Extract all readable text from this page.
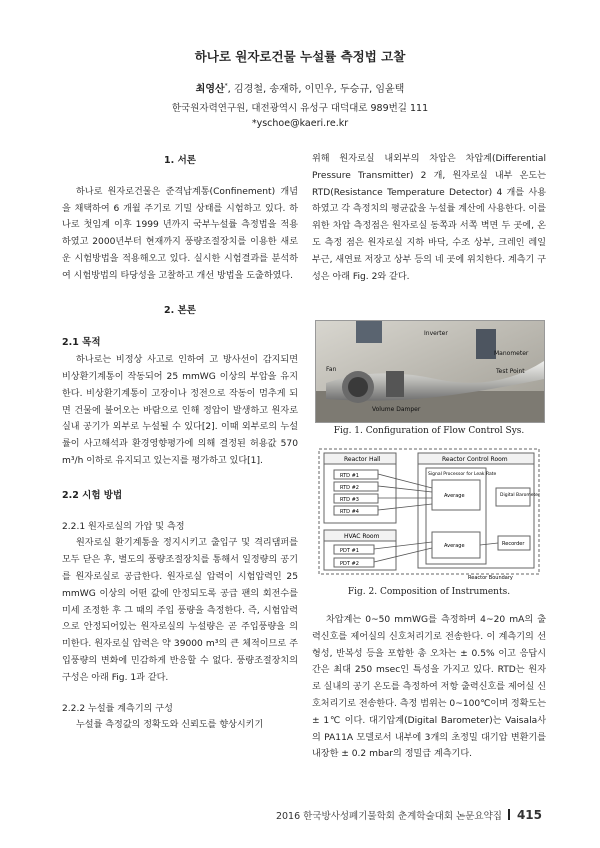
하나로 원자로건물 누설률 측정법 고찰
최영산*, 김경철, 송재하, 이민우, 두승규, 임윤택
한국원자력연구원, 대전광역시 유성구 대덕대로 989번길 111
*yschoe@kaeri.re.kr
1. 서론

하나로 원자로건물은 준격납계통(Confinement) 개념을 채택하여 6 개월 주기로 기밀 상태를 시험하고 있다. 하나로 첫임계 이후 1999 년까지 국부누설률 측정법을 적용하였고 2000년부터 현재까지 풍량조절장치를 이용한 새로운 시험방법을 적용해오고 있다. 실시한 시험결과를 분석하여 시험방법의 타당성을 고찰하고 개선 방법을 도출하였다.

2. 본론
2.1 목적

하나로는 비정상 사고로 인하여 고 방사선이 감지되면 비상환기계통이 작동되어 25 mmWG 이상의 부압을 유지한다. 비상환기계통이 고장이나 정전으로 작동이 멈추게 되면 건물에 불어오는 바람으로 인해 정압이 발생하고 원자로 실내 공기가 외부로 누설될 수 있다[2]. 이때 외부로의 누설률이 사고해석과 환경영향평가에 의해 결정된 허용값 570 m³/h 이하로 유지되고 있는지를 평가하고 있다[1].

2.2 시험 방법
2.2.1 원자로실의 가압 및 측정

원자로실 환기계통을 정지시키고 출입구 및 격리댐퍼를 모두 닫은 후, 별도의 풍량조절장치를 통해서 일정량의 공기를 원자로실로 공급한다. 원자로실 압력이 시험압력인 25 mmWG 이상의 어떤 값에 안정되도록 공급 팬의 회전수를 미세 조정한 후 그 때의 주입 풍량을 측정한다. 즉, 시험압력으로 안정되어있는 원자로실의 누설량은 곧 주입풍량을 의미한다. 원자로실 압력은 약 39000 m³의 큰 체적이므로 주입풍량의 변화에 민감하게 반응할 수 없다. 풍량조절장치의 구성은 아래 Fig. 1과 같다.

2.2.2 누설률 계측기의 구성

누설률 측정값의 정확도와 신뢰도를 향상시키기

위해 원자로실 내외부의 차압은 차압계(Differential Pressure Transmitter) 2 개, 원자로실 내부 온도는 RTD(Resistance Temperature Detector) 4 개를 사용하였고 각 측정치의 평균값을 누설률 계산에 사용한다. 이를 위한 차압 측정점은 원자로실 동쪽과 서쪽 벽면 두 곳에, 온도 측정 점은 원자로실 지하 바닥, 수조 상부, 크레인 레일 부근, 새연료 저장고 상부 등의 네 곳에 위치한다. 계측기 구성은 아래 Fig. 2와 같다.

Inverter
Manometer
Fan	Test Point
Volume Damper
Fig. 1. Configuration of Flow Control Sys.
Reactor Hall
RTD #1
RTD #2
RTD #3
RTD #4
Reactor Control Room
Signal Processor for Leak Rate
Average	Digital Barometer
Average	Recorder
HVAC Room
PDT #1
PDT #2
Reactor Boundary
Fig. 2. Composition of Instruments.

차압계는 0~50 mmWG를 측정하며 4~20 mA의 출력신호를 제어실의 신호처리기로 전송한다. 이 계측기의 선형성, 반복성 등을 포함한 총 오차는 ± 0.5% 이고 응답시간은 최대 250 msec인 특성을 가지고 있다. RTD는 원자로 실내의 공기 온도를 측정하여 저항 출력신호를 제어실 신호처리기로 전송한다. 측정 범위는 0~100℃이며 정확도는 ± 1℃ 이다. 대기압계(Digital Barometer)는 Vaisala사의 PA11A 모델로서 내부에 3개의 초정밀 대기압 변환기를 내장한 ± 0.2 mbar의 정밀급 계측기다.

2016 한국방사성폐기물학회 춘계학술대회 논문요약집 415
